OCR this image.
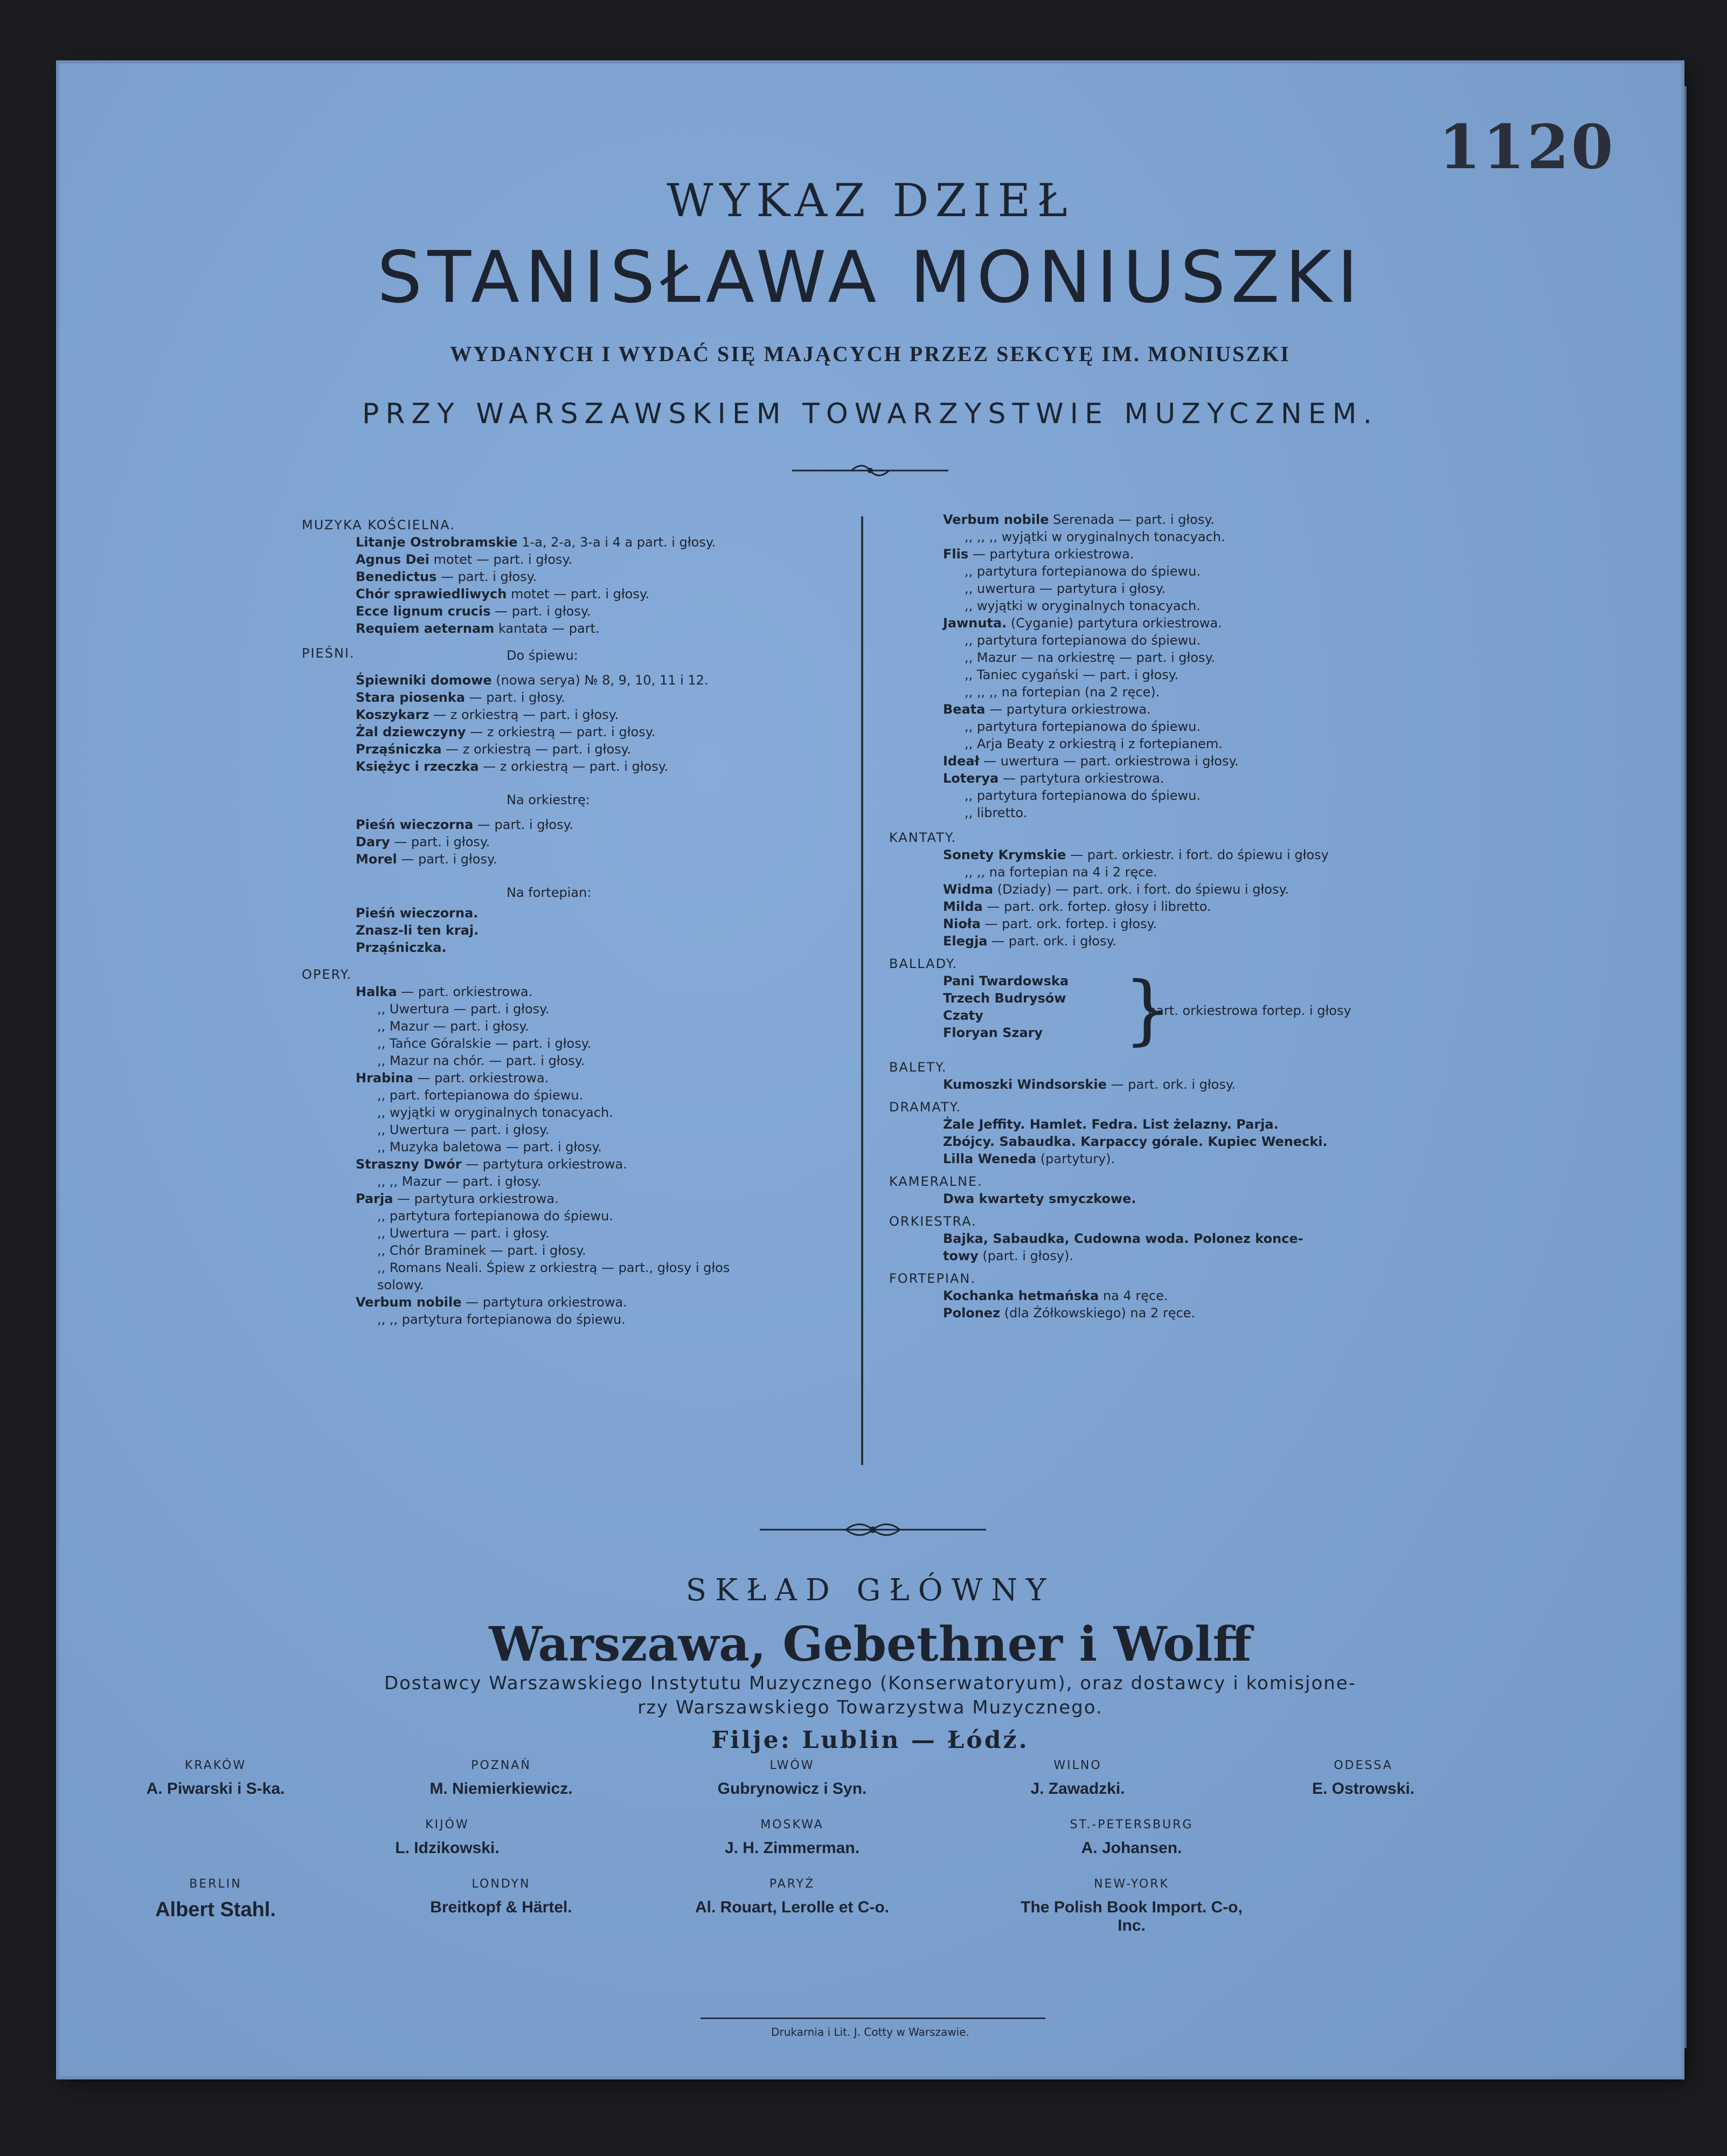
1120
WYKAZ DZIEŁ
STANISŁAWA MONIUSZKI
WYDANYCH I WYDAĆ SIĘ MAJĄCYCH PRZEZ SEKCYĘ IM. MONIUSZKI
PRZY WARSZAWSKIEM TOWARZYSTWIE MUZYCZNEM.
MUZYKA KOŚCIELNA.
Litanje Ostrobramskie 1-a, 2-a, 3-a i 4 a part. i głosy.
Agnus Dei motet — part. i głosy.
Benedictus — part. i głosy.
Chór sprawiedliwych motet — part. i głosy.
Ecce lignum crucis — part. i głosy.
Requiem aeternam kantata — part.
PIEŚNI.	Do śpiewu:
Śpiewniki domowe (nowa serya) № 8, 9, 10, 11 i 12.
Stara piosenka — part. i głosy.
Koszykarz — z orkiestrą — part. i głosy.
Żal dziewczyny — z orkiestrą — part. i głosy.
Prząśniczka — z orkiestrą — part. i głosy.
Księżyc i rzeczka — z orkiestrą — part. i głosy.
Na orkiestrę:
Pieśń wieczorna — part. i głosy.
Dary — part. i głosy.
Morel — part. i głosy.
Na fortepian:
Pieśń wieczorna.
Znasz-li ten kraj.
Prząśniczka.
OPERY.
Halka — part. orkiestrowa.
,, Uwertura — part. i głosy.
,, Mazur — part. i głosy.
,, Tańce Góralskie — part. i głosy.
,, Mazur na chór. — part. i głosy.
Hrabina — part. orkiestrowa.
,, part. fortepianowa do śpiewu.
,, wyjątki w oryginalnych tonacyach.
,, Uwertura — part. i głosy.
,, Muzyka baletowa — part. i głosy.
Straszny Dwór — partytura orkiestrowa.
,, ,, Mazur — part. i głosy.
Parja — partytura orkiestrowa.
,, partytura fortepianowa do śpiewu.
,, Uwertura — part. i głosy.
,, Chór Braminek — part. i głosy.
,, Romans Neali. Śpiew z orkiestrą — part., głosy i głos
solowy.
Verbum nobile — partytura orkiestrowa.
,, ,, partytura fortepianowa do śpiewu.
Verbum nobile Serenada — part. i głosy.
,, ,, ,, wyjątki w oryginalnych tonacyach.
Flis — partytura orkiestrowa.
,, partytura fortepianowa do śpiewu.
,, uwertura — partytura i głosy.
,, wyjątki w oryginalnych tonacyach.
Jawnuta. (Cyganie) partytura orkiestrowa.
,, partytura fortepianowa do śpiewu.
,, Mazur — na orkiestrę — part. i głosy.
,, Taniec cygański — part. i głosy.
,, ,, ,, na fortepian (na 2 ręce).
Beata — partytura orkiestrowa.
,, partytura fortepianowa do śpiewu.
,, Arja Beaty z orkiestrą i z fortepianem.
Ideał — uwertura — part. orkiestrowa i głosy.
Loterya — partytura orkiestrowa.
,, partytura fortepianowa do śpiewu.
,, libretto.
KANTATY.
Sonety Krymskie — part. orkiestr. i fort. do śpiewu i głosy
,, ,, na fortepian na 4 i 2 ręce.
Widma (Dziady) — part. ork. i fort. do śpiewu i głosy.
Milda — part. ork. fortep. głosy i libretto.
Nioła — part. ork. fortep. i głosy.
Elegja — part. ork. i głosy.
BALLADY.
Pani Twardowska
Trzech Budrysów
Czaty
Floryan Szary	}
part. orkiestrowa fortep. i głosy
BALETY.
Kumoszki Windsorskie — part. ork. i głosy.
DRAMATY.
Żale Jeffity. Hamlet. Fedra. List żelazny. Parja.
Zbójcy. Sabaudka. Karpaccy górale. Kupiec Wenecki.
Lilla Weneda (partytury).
KAMERALNE.
Dwa kwartety smyczkowe.
ORKIESTRA.
Bajka, Sabaudka, Cudowna woda. Polonez konce-
towy (part. i głosy).
FORTEPIAN.
Kochanka hetmańska na 4 ręce.
Polonez (dla Żółkowskiego) na 2 ręce.
SKŁAD GŁÓWNY
Warszawa, Gebethner i Wolff
Dostawcy Warszawskiego Instytutu Muzycznego (Konserwatoryum), oraz dostawcy i komisjone-
rzy Warszawskiego Towarzystwa Muzycznego.
Filje: Lublin — Łódź.
KRAKÓW
A. Piwarski i S-ka.
POZNAŃ
M. Niemierkiewicz.
LWÓW
Gubrynowicz i Syn.
WILNO
J. Zawadzki.
ODESSA
E. Ostrowski.
KIJÓW
L. Idzikowski.
MOSKWA
J. H. Zimmerman.
ST.-PETERSBURG
A. Johansen.
BERLIN
Albert Stahl.
LONDYN
Breitkopf & Härtel.
PARYŻ
Al. Rouart, Lerolle et C-o.
NEW-YORK
The Polish Book Import. C-o, Inc.
Drukarnia i Lit. J. Cotty w Warszawie.
